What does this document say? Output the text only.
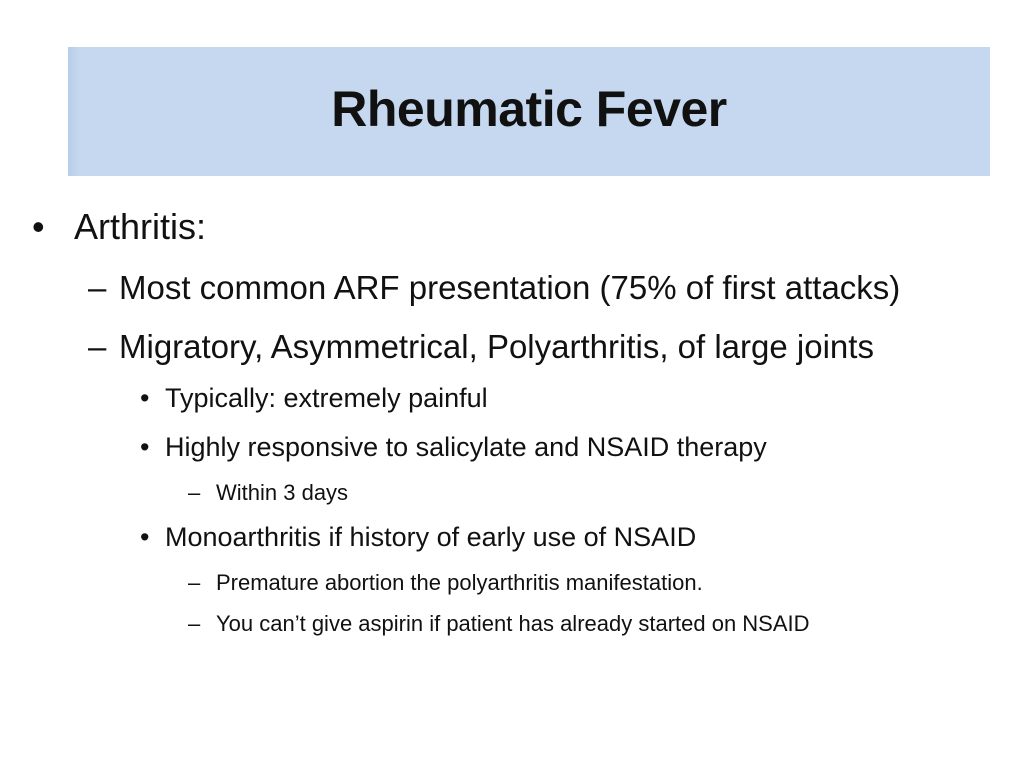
Rheumatic Fever
• Arthritis:
– Most common ARF presentation (75% of first attacks)
– Migratory, Asymmetrical, Polyarthritis, of large joints
• Typically: extremely painful
• Highly responsive to salicylate and NSAID therapy
– Within 3 days
• Monoarthritis if history of early use of NSAID
– Premature abortion the polyarthritis manifestation.
– You can’t give aspirin if patient has already started on NSAID
